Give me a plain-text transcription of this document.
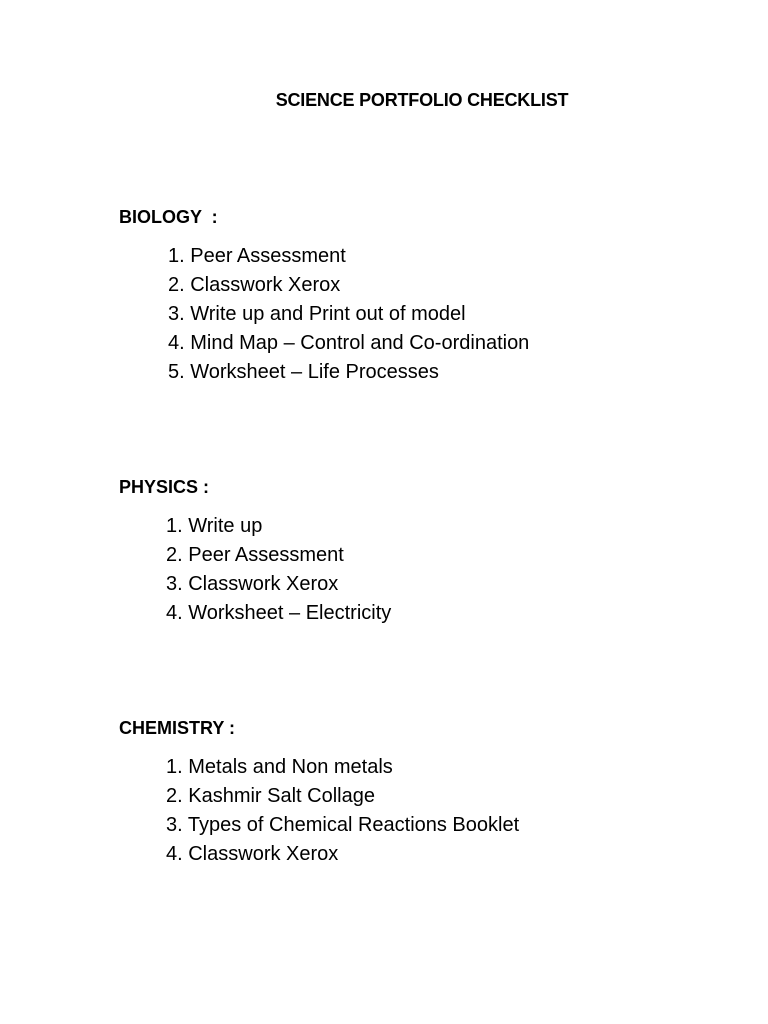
SCIENCE PORTFOLIO CHECKLIST

BIOLOGY  :

1. Peer Assessment
2. Classwork Xerox
3. Write up and Print out of model
4. Mind Map – Control and Co-ordination
5. Worksheet – Life Processes

PHYSICS :

1. Write up
2. Peer Assessment
3. Classwork Xerox
4. Worksheet – Electricity

CHEMISTRY :

1. Metals and Non metals
2. Kashmir Salt Collage
3. Types of Chemical Reactions Booklet
4. Classwork Xerox
